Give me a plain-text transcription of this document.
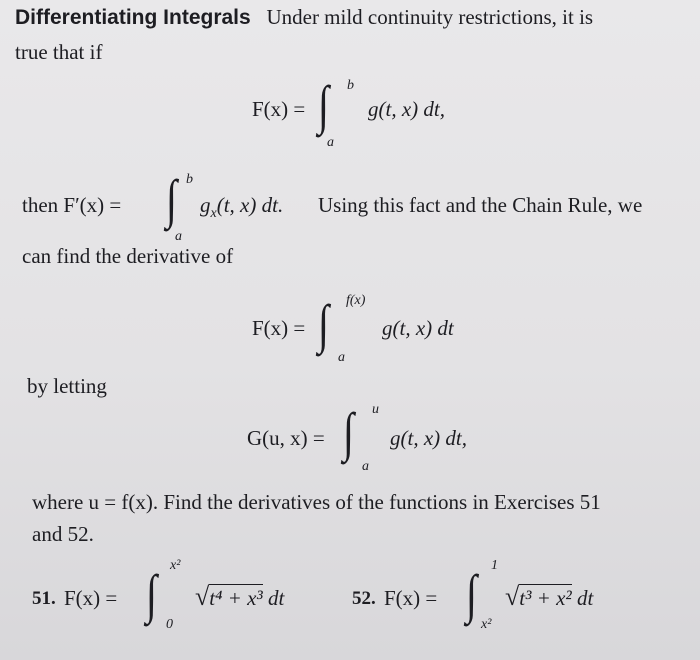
Differentiating Integrals Under mild continuity restrictions, it is
true that if
F(x) = ∫ b
a
g(t, x) dt,
then F′(x) = ∫ b
a
$g_x(t$, x) dt. Using this fact and the Chain Rule, we
can find the derivative of
F(x) = ∫ f(x)
a
g(t, x) dt
by letting
G(u, x) = ∫ u
a
g(t, x) dt,
where u = f(x). Find the derivatives of the functions in Exercises 51
and 52.
51. F(x) = ∫ x²
0
√t⁴ + x³ dt	52. F(x) = ∫ 1
x²
√t³ + x² dt
